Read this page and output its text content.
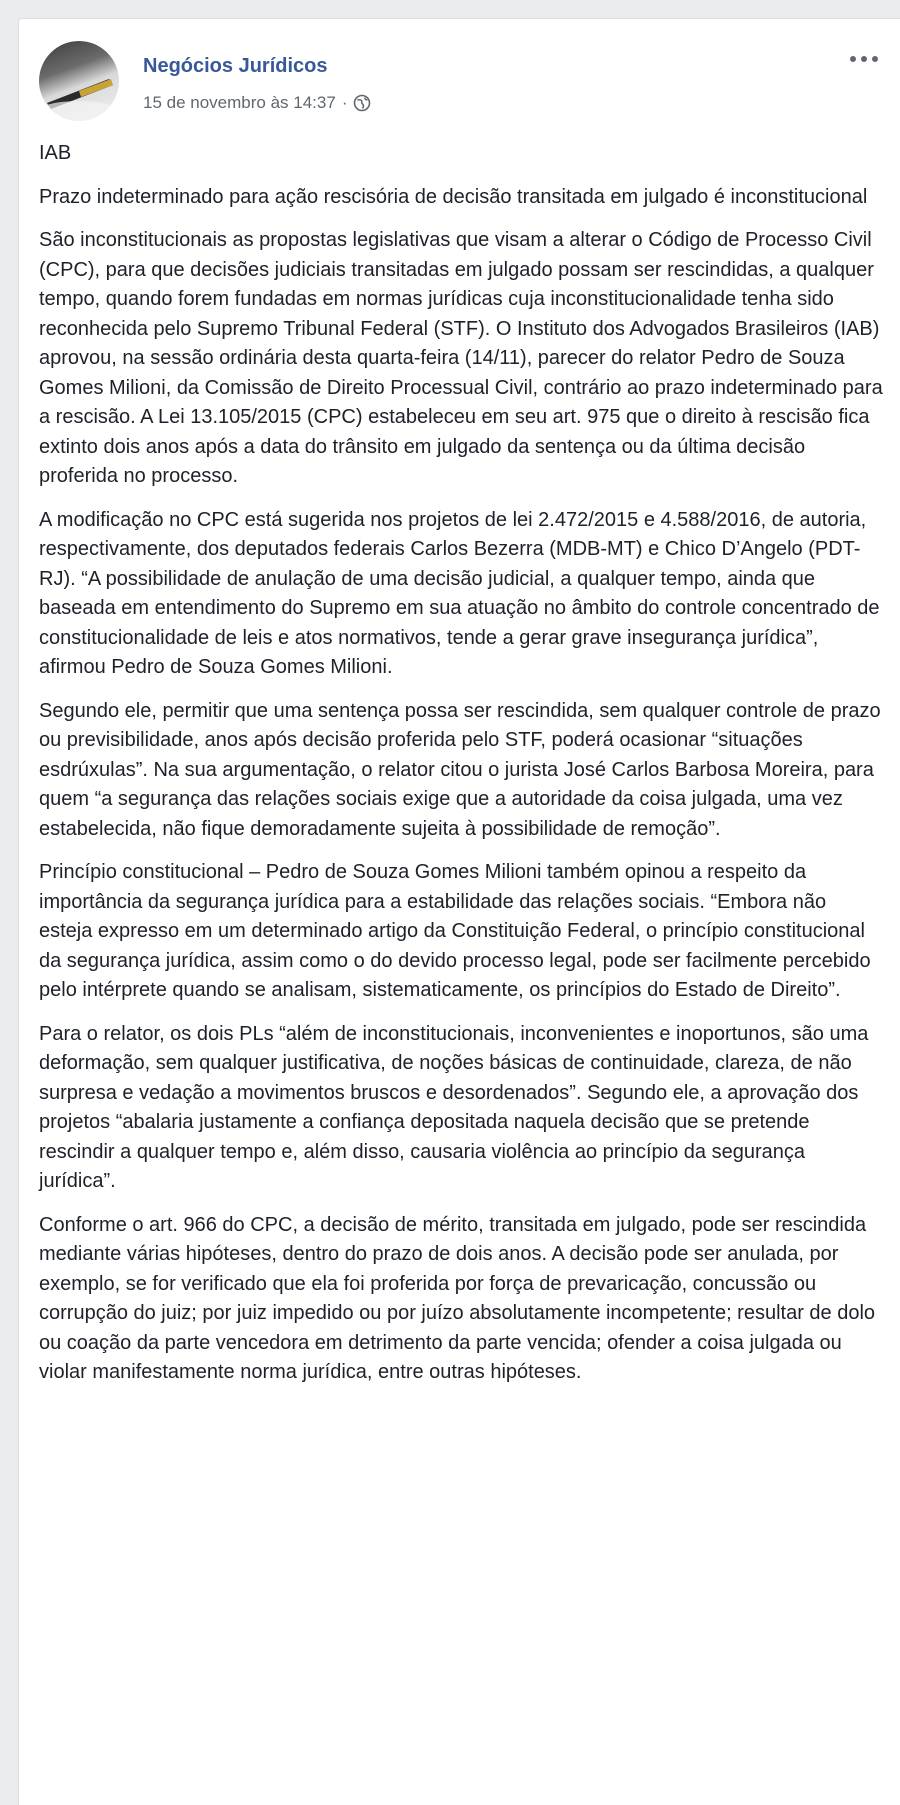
Negócios Jurídicos
15 de novembro às 14:37 ·

IAB

Prazo indeterminado para ação rescisória de decisão transitada em julgado é inconstitucional

São inconstitucionais as propostas legislativas que visam a alterar o Código de Processo Civil (CPC), para que decisões judiciais transitadas em julgado possam ser rescindidas, a qualquer tempo, quando forem fundadas em normas jurídicas cuja inconstitucionalidade tenha sido reconhecida pelo Supremo Tribunal Federal (STF). O Instituto dos Advogados Brasileiros (IAB) aprovou, na sessão ordinária desta quarta-feira (14/11), parecer do relator Pedro de Souza Gomes Milioni, da Comissão de Direito Processual Civil, contrário ao prazo indeterminado para a rescisão. A Lei 13.105/2015 (CPC) estabeleceu em seu art. 975 que o direito à rescisão fica extinto dois anos após a data do trânsito em julgado da sentença ou da última decisão proferida no processo.

A modificação no CPC está sugerida nos projetos de lei 2.472/2015 e 4.588/2016, de autoria, respectivamente, dos deputados federais Carlos Bezerra (MDB-MT) e Chico D’Angelo (PDT-RJ). “A possibilidade de anulação de uma decisão judicial, a qualquer tempo, ainda que baseada em entendimento do Supremo em sua atuação no âmbito do controle concentrado de constitucionalidade de leis e atos normativos, tende a gerar grave insegurança jurídica”, afirmou Pedro de Souza Gomes Milioni.

Segundo ele, permitir que uma sentença possa ser rescindida, sem qualquer controle de prazo ou previsibilidade, anos após decisão proferida pelo STF, poderá ocasionar “situações esdrúxulas”. Na sua argumentação, o relator citou o jurista José Carlos Barbosa Moreira, para quem “a segurança das relações sociais exige que a autoridade da coisa julgada, uma vez estabelecida, não fique demoradamente sujeita à possibilidade de remoção”.

Princípio constitucional – Pedro de Souza Gomes Milioni também opinou a respeito da importância da segurança jurídica para a estabilidade das relações sociais. “Embora não esteja expresso em um determinado artigo da Constituição Federal, o princípio constitucional da segurança jurídica, assim como o do devido processo legal, pode ser facilmente percebido pelo intérprete quando se analisam, sistematicamente, os princípios do Estado de Direito”.

Para o relator, os dois PLs “além de inconstitucionais, inconvenientes e inoportunos, são uma deformação, sem qualquer justificativa, de noções básicas de continuidade, clareza, de não surpresa e vedação a movimentos bruscos e desordenados”. Segundo ele, a aprovação dos projetos “abalaria justamente a confiança depositada naquela decisão que se pretende rescindir a qualquer tempo e, além disso, causaria violência ao princípio da segurança jurídica”.

Conforme o art. 966 do CPC, a decisão de mérito, transitada em julgado, pode ser rescindida mediante várias hipóteses, dentro do prazo de dois anos. A decisão pode ser anulada, por exemplo, se for verificado que ela foi proferida por força de prevaricação, concussão ou corrupção do juiz; por juiz impedido ou por juízo absolutamente incompetente; resultar de dolo ou coação da parte vencedora em detrimento da parte vencida; ofender a coisa julgada ou violar manifestamente norma jurídica, entre outras hipóteses.
